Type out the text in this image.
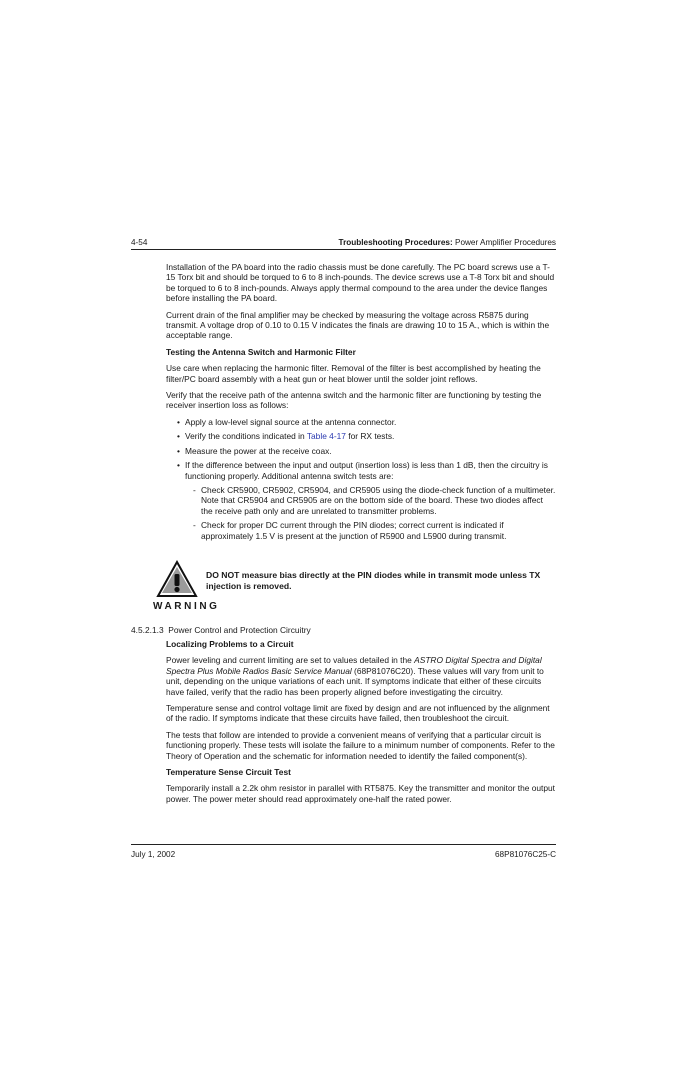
4-54	Troubleshooting Procedures: Power Amplifier Procedures

Installation of the PA board into the radio chassis must be done carefully. The PC board screws use a T-15 Torx bit and should be torqued to 6 to 8 inch-pounds. The device screws use a T-8 Torx bit and should be torqued to 6 to 8 inch-pounds. Always apply thermal compound to the area under the device flanges before installing the PA board.

Current drain of the final amplifier may be checked by measuring the voltage across R5875 during transmit. A voltage drop of 0.10 to 0.15 V indicates the finals are drawing 10 to 15 A., which is within the acceptable range.

Testing the Antenna Switch and Harmonic Filter

Use care when replacing the harmonic filter. Removal of the filter is best accomplished by heating the filter/PC board assembly with a heat gun or heat blower until the solder joint reflows.

Verify that the receive path of the antenna switch and the harmonic filter are functioning by testing the receiver insertion loss as follows:

• Apply a low-level signal source at the antenna connector.
• Verify the conditions indicated in Table 4-17 for RX tests.
• Measure the power at the receive coax.
• If the difference between the input and output (insertion loss) is less than 1 dB, then the circuitry is functioning properly. Additional antenna switch tests are:
- Check CR5900, CR5902, CR5904, and CR5905 using the diode-check function of a multimeter. Note that CR5904 and CR5905 are on the bottom side of the board. These two diodes affect the receive path only and are unrelated to transmitter problems.
- Check for proper DC current through the PIN diodes; correct current is indicated if approximately 1.5 V is present at the junction of R5900 and L5900 during transmit.
WARNING
DO NOT measure bias directly at the PIN diodes while in transmit mode unless TX injection is removed.
4.5.2.1.3 Power Control and Protection Circuitry
Localizing Problems to a Circuit

Power leveling and current limiting are set to values detailed in the ASTRO Digital Spectra and Digital Spectra Plus Mobile Radios Basic Service Manual (68P81076C20). These values will vary from unit to unit, depending on the unique variations of each unit. If symptoms indicate that either of these circuits have failed, verify that the radio has been properly aligned before investigating the circuitry.

Temperature sense and control voltage limit are fixed by design and are not influenced by the alignment of the radio. If symptoms indicate that these circuits have failed, then troubleshoot the circuit.

The tests that follow are intended to provide a convenient means of verifying that a particular circuit is functioning properly. These tests will isolate the failure to a minimum number of components. Refer to the Theory of Operation and the schematic for information needed to identify the failed component(s).

Temperature Sense Circuit Test

Temporarily install a 2.2k ohm resistor in parallel with RT5875. Key the transmitter and monitor the output power. The power meter should read approximately one-half the rated power.

July 1, 2002	68P81076C25-C
